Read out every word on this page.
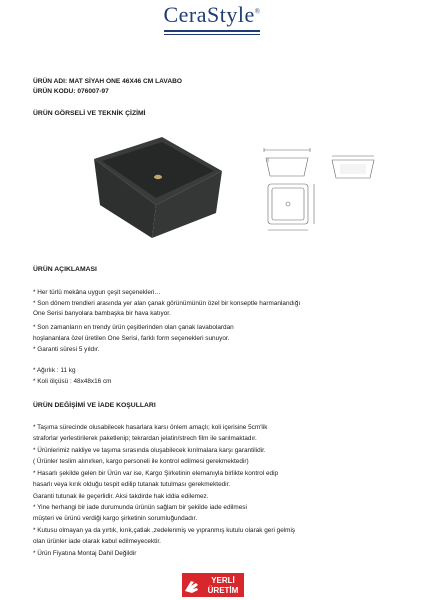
CeraStyle®
ÜRÜN ADI: MAT SİYAH ONE 46X46 CM LAVABO
ÜRÜN KODU: 076007-97
ÜRÜN GÖRSELİ VE TEKNİK ÇİZİMİ
ÜRÜN AÇIKLAMASI
* Her türlü mekâna uygun çeşit seçenekleri…
* Son dönem trendleri arasında yer alan çanak görünümünün özel bir konseptle harmanlandığı
One Serisi banyolara bambaşka bir hava katıyor.
* Son zamanların en trendy ürün çeşitlerinden olan çanak lavabolardan
hoşlananlara özel üretilen One Serisi, farklı form seçenekleri sunuyor.
* Garanti süresi 5 yıldır.
* Ağırlık : 11 kg
* Koli ölçüsü : 48x48x16 cm
ÜRÜN DEĞİŞİMİ VE İADE KOŞULLARI
* Taşıma sürecinde olusabilecek hasarlara karsı önlem amaçlı; koli içerisine 5cm'lik
straforlar yerlestirilerek paketlenip; tekrardan jelatin/strech film ile sarılmaktadır.
* Ürünlerimiz nakliye ve taşıma sırasında oluşabilecek kırılmalara karşı garantilidir.
( Ürünler teslim alınırken, kargo personeli ile kontrol edilmesi gerekmektedir)
* Hasarlı şekilde gelen bir Ürün var ise, Kargo Şirketinin elemanıyla birlikte kontrol edip
hasarlı veya kırık olduğu tespit edilip tutanak tutulması gerekmektedir.
Garanti tutunak ile geçerlidir. Aksi takdirde hak iddia edilemez.
* Yine herhangi bir iade durumunda ürünün sağlam bir şekilde iade edilmesi
müşteri ve ürünü verdiği kargo şirketinin sorumluğundadır.
* Kutusu olmayan ya da yırtık, kırık,çatlak ,zedelenmiş ve yıpranmış kutulu olarak geri gelmiş
olan ürünler iade olarak kabul edilmeyecektir.
* Ürün Fiyatına Montaj Dahil Değildir
YERLİ
ÜRETİM
